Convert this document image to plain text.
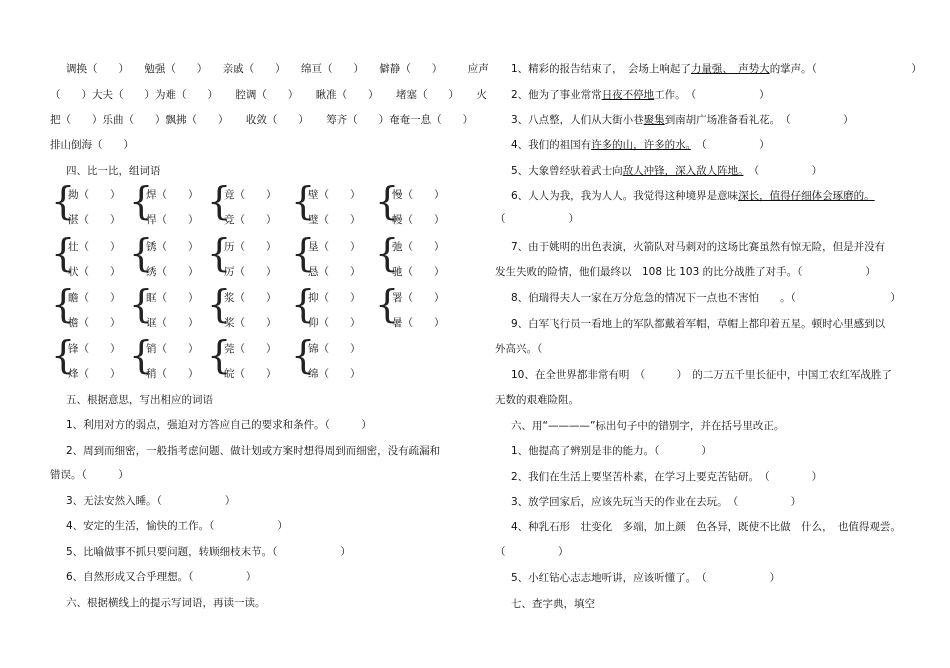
调换（　　） 勉强（　　） 亲戚（　　） 绵亘（　　） 僻静（　　） 应声
（　　）大夫（　　）为难（　　） 腔调（　　） 瞅准（　　） 堵塞（　　） 火
把（　　）乐曲（　　）飘拂（　　） 收敛（　　） 筹齐（　　）奄奄一息（　　）
排山倒海（　　）
四、比一比，组词语
{
拗（　　）
湛（　　） {
焊（　　）
悍（　　） {
竟（　　）
竞（　　） {
壁（　　）
璧（　　） {
慢（　　）
幔（　　）
{
壮（　　）
状（　　） {
锈（　　）
绣（　　） {
历（　　）
厉（　　） {
垦（　　）
恳（　　） {
弛（　　）
驰（　　）
{
瞻（　　）
檐（　　） {
眶（　　）
诓（　　） {
浆（　　）
桨（　　） {
抑（　　）
仰（　　） {
署（　　）
暑（　　）
{
锋（　　）
烽（　　） {
销（　　）
稍（　　） {
莞（　　）
皖（　　） {
锦（　　）
绵（　　）
五、根据意思，写出相应的词语
1、利用对方的弱点，强迫对方答应自己的要求和条件。（　　　）
2、周到而细密，一般指考虑问题、做计划或方案时想得周到而细密，没有疏漏和
错误。（　　　）
3、无法安然入睡。（　　　　　　）
4、安定的生活，愉快的工作。（　　　　　　）
5、比喻做事不抓只要问题，转顾细枝末节。（　　　　　　）
6、自然形成又合乎理想。（　　　　　）
六、根据横线上的提示写词语，再读一读。
1、精彩的报告结束了，　会场上响起了力量强、　声势大的掌声。（　　　　　　　　　）
2、他为了事业常常日夜不停地工作。　（　　　　　　）
3、八点整，人们从大街小巷聚集到南胡广场准备看礼花。　（　　　　　）
4、我们的祖国有许多的山，许多的水。　（　　　　　）
5、大象曾经驮着武士向敌人冲锋，深入敌人阵地。　（　　　　　）
6、人人为我，我为人人。我觉得这种境界是意味深长，值得仔细体会琢磨的。
（　　　　　　）
7、由于姚明的出色表演，火箭队对马刺对的这场比赛虽然有惊无险，但是并没有
发生失败的险情，他们最终以　108 比 103 的比分战胜了对手。（　　　　　　）
8、伯瑞得夫人一家在万分危急的情况下一点也不害怕　　。（　　　　　　　　　）
9、白军飞行员一看地上的军队都戴着军帽，草帽上都印着五星。顿时心里感到以
外高兴。（
10、在全世界都非常有明　（　　　）　的二万五千里长征中，中国工农红军战胜了
无数的艰难险阻。
六、用“————”标出句子中的错别字，并在括号里改正。
1、他提高了辨别是非的能力。（　　　　）
2、我们在生活上要坚苦朴素，在学习上要克苦钻研。　（　　　　）
3、放学回家后，应该先玩当天的作业在去玩。　（　　　　　）
4、种乳石形　壮变化　多端，加上颜　色各异，既使不比做　什么，　也值得观尝。
（　　　　　）
5、小红钻心志志地听讲，应该听懂了。　（　　　　　　）
七、查字典，填空
